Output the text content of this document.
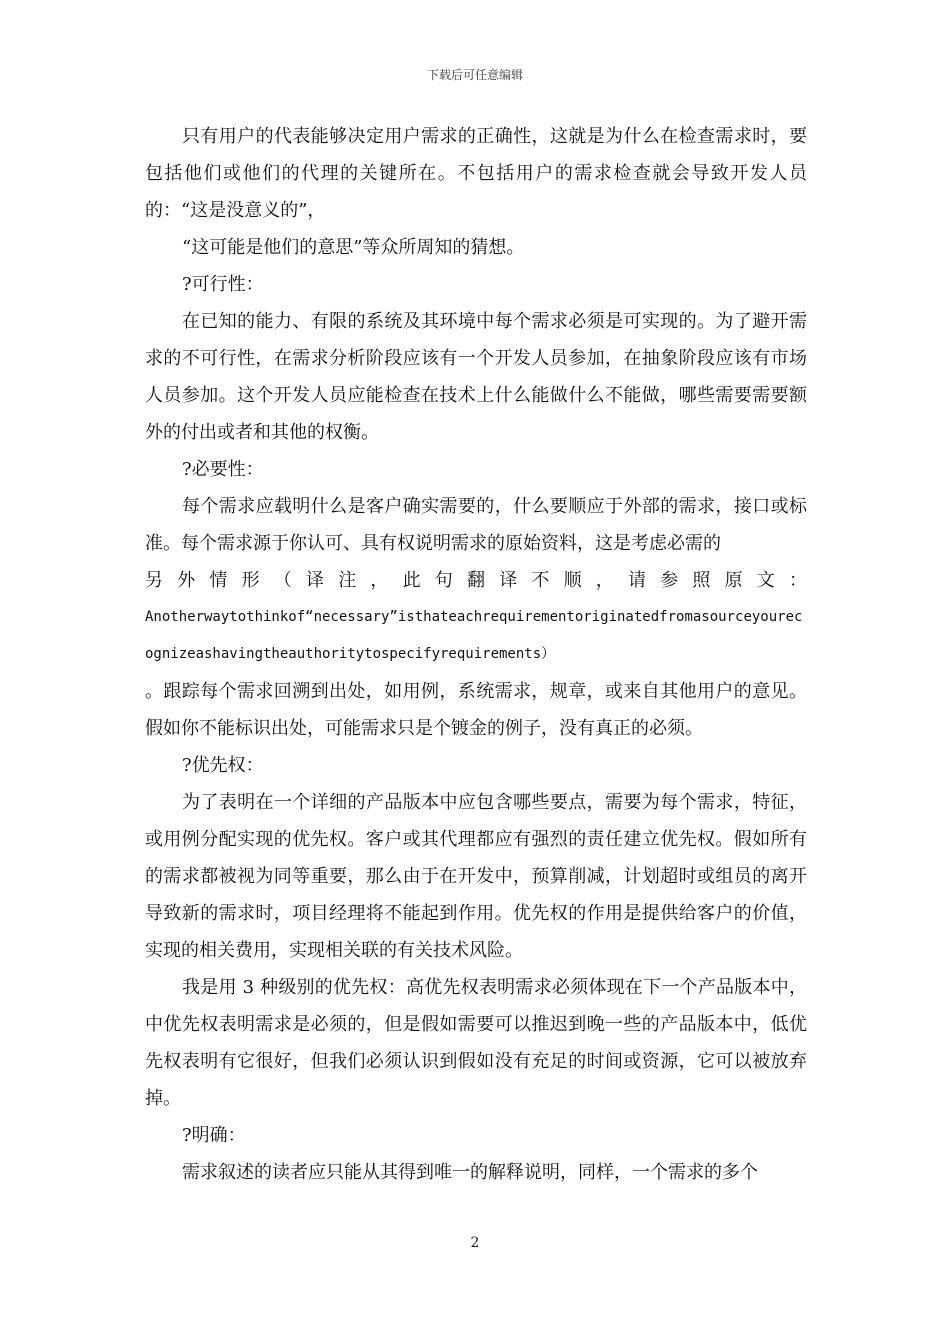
下载后可任意编辑

只有用户的代表能够决定用户需求的正确性，这就是为什么在检查需求时，要包括他们或他们的代理的关键所在。不包括用户的需求检查就会导致开发人员的：“这是没意义的”，

“这可能是他们的意思”等众所周知的猜想。

?可行性：

在已知的能力、有限的系统及其环境中每个需求必须是可实现的。为了避开需求的不可行性，在需求分析阶段应该有一个开发人员参加，在抽象阶段应该有市场人员参加。这个开发人员应能检查在技术上什么能做什么不能做，哪些需要需要额外的付出或者和其他的权衡。

?必要性：

每个需求应载明什么是客户确实需要的，什么要顺应于外部的需求，接口或标准。每个需求源于你认可、具有权说明需求的原始资料，这是考虑必需的

另外情形（译注，此句翻译不顺，请参照原文：

Anotherwaytothinkof“necessary”isthateachrequirementoriginatedfromasourceyourecognizeashavingtheauthoritytospecifyrequirements）

。跟踪每个需求回溯到出处，如用例，系统需求，规章，或来自其他用户的意见。假如你不能标识出处，可能需求只是个镀金的例子，没有真正的必须。

?优先权：

为了表明在一个详细的产品版本中应包含哪些要点，需要为每个需求，特征，或用例分配实现的优先权。客户或其代理都应有强烈的责任建立优先权。假如所有的需求都被视为同等重要，那么由于在开发中，预算削减，计划超时或组员的离开导致新的需求时，项目经理将不能起到作用。优先权的作用是提供给客户的价值，实现的相关费用，实现相关联的有关技术风险。

我是用 3 种级别的优先权：高优先权表明需求必须体现在下一个产品版本中，中优先权表明需求是必须的，但是假如需要可以推迟到晚一些的产品版本中，低优先权表明有它很好，但我们必须认识到假如没有充足的时间或资源，它可以被放弃掉。

?明确：

需求叙述的读者应只能从其得到唯一的解释说明，同样，一个需求的多个

2
